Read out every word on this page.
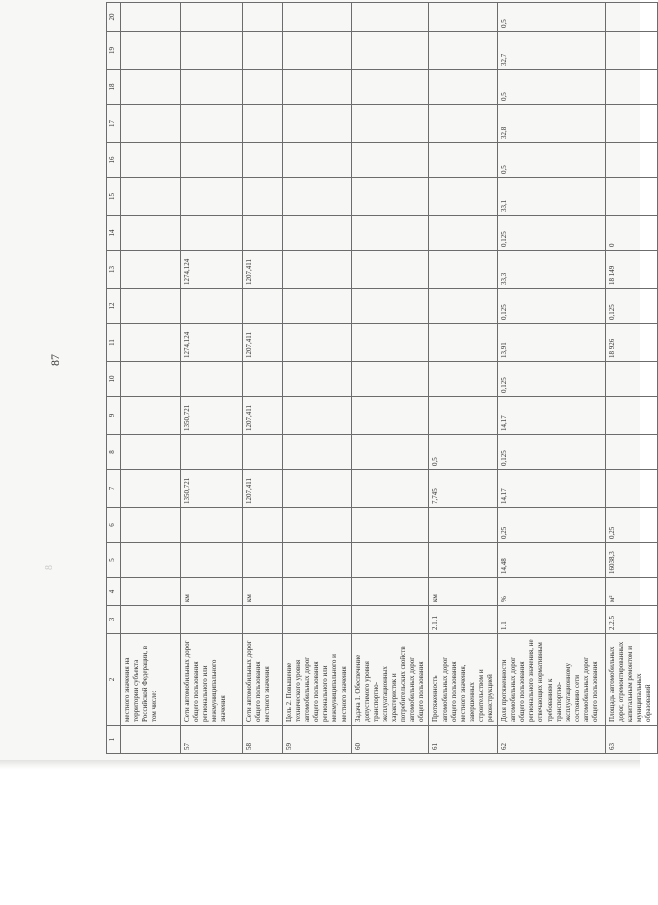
87
8
1	2	3	4	5	6	7	8	9	10	11	12	13	14	15	16	17	18	19	20
	местного значения на территории субъекта Российской Федерации, в том числе:																		
57	Сети автомобильных дорог общего пользования регионального или межмуниципального значения		км			1350,721		1350,721		1274,124		1274,124							
58	Сети автомобильных дорог общего пользования местного значения		км			1207,411		1207,411		1207,411		1207,411							
59	Цель 2. Повышение технического уровня автомобильных дорог общего пользования регионального или межмуниципального и местного значения																		
60	Задача 1. Обеспечение допустимого уровня транспортно-эксплуатационных характеристик и потребительских свойств автомобильных дорог общего пользования																		
61	Протяженность автомобильных дорог общего пользования местного значения, завершенных строительством и реконструкцией	2.1.1	км			7,745	0,5												
62	Доля протяженности автомобильных дорог общего пользования регионального значения, не отвечающих нормативным требованиям к транспортно-эксплуатационному состоянию сети автомобильных дорог общего пользования	1.1	%	14,48	0,25	14,17	0,125	14,17	0,125	13,91	0,125	33,3	0,125	33,1	0,5	32,8	0,5	32,7	0,5
63	Площадь автомобильных дорог, отремонтированных капитальным ремонтом и муниципальных образований	2.2.5	м²	16038,3	0,25					18 926	0,125	18 149	0						
